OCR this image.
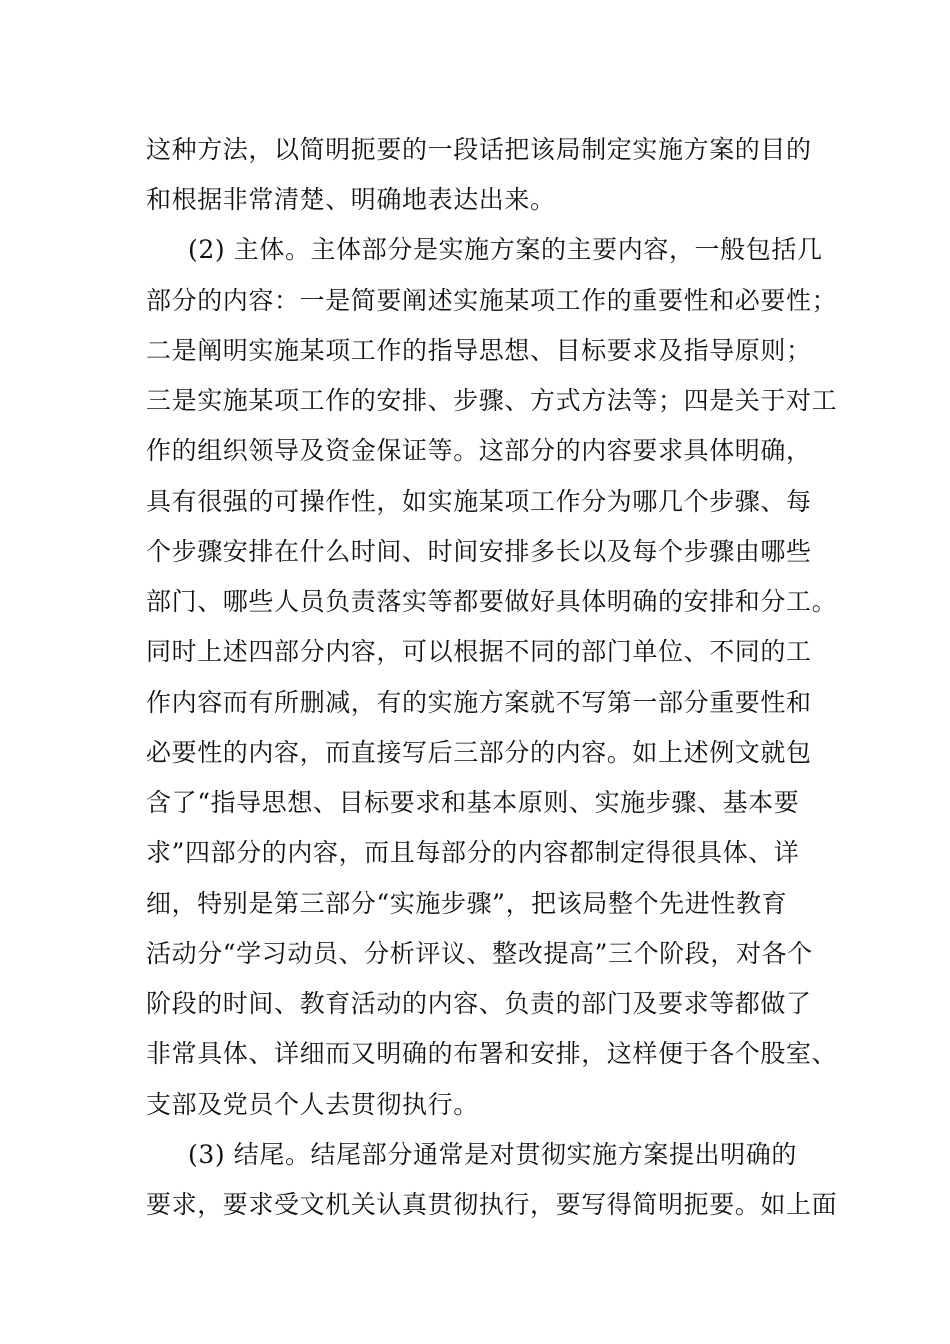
这种方法，以简明扼要的一段话把该局制定实施方案的目的
和根据非常清楚、明确地表达出来。
(2) 主体。主体部分是实施方案的主要内容，一般包括几
部分的内容：一是简要阐述实施某项工作的重要性和必要性；
二是阐明实施某项工作的指导思想、目标要求及指导原则；
三是实施某项工作的安排、步骤、方式方法等；四是关于对工
作的组织领导及资金保证等。这部分的内容要求具体明确，
具有很强的可操作性，如实施某项工作分为哪几个步骤、每
个步骤安排在什么时间、时间安排多长以及每个步骤由哪些
部门、哪些人员负责落实等都要做好具体明确的安排和分工。
同时上述四部分内容，可以根据不同的部门单位、不同的工
作内容而有所删减，有的实施方案就不写第一部分重要性和
必要性的内容，而直接写后三部分的内容。如上述例文就包
含了“指导思想、目标要求和基本原则、实施步骤、基本要
求”四部分的内容，而且每部分的内容都制定得很具体、详
细，特别是第三部分“实施步骤”，把该局整个先进性教育
活动分“学习动员、分析评议、整改提高”三个阶段，对各个
阶段的时间、教育活动的内容、负责的部门及要求等都做了
非常具体、详细而又明确的布署和安排，这样便于各个股室、
支部及党员个人去贯彻执行。
(3) 结尾。结尾部分通常是对贯彻实施方案提出明确的
要求，要求受文机关认真贯彻执行，要写得简明扼要。如上面
